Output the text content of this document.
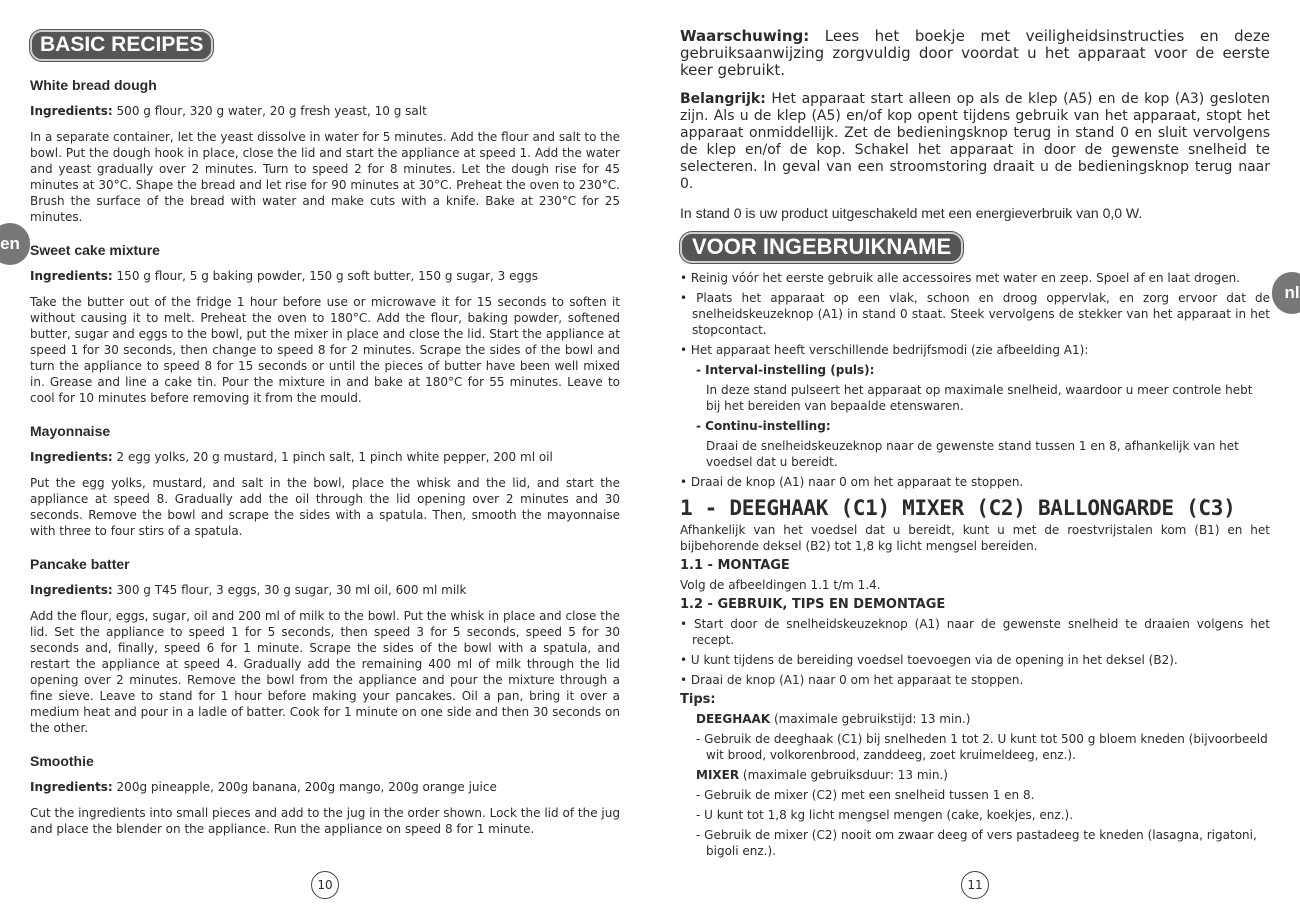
BASIC RECIPES

White bread dough

Ingredients: 500 g flour, 320 g water, 20 g fresh yeast, 10 g salt

In a separate container, let the yeast dissolve in water for 5 minutes. Add the flour and salt to the bowl. Put the dough hook in place, close the lid and start the appliance at speed 1. Add the water and yeast gradually over 2 minutes. Turn to speed 2 for 8 minutes. Let the dough rise for 45 minutes at 30°C. Shape the bread and let rise for 90 minutes at 30°C. Preheat the oven to 230°C. Brush the surface of the bread with water and make cuts with a knife. Bake at 230°C for 25 minutes.

Sweet cake mixture

Ingredients: 150 g flour, 5 g baking powder, 150 g soft butter, 150 g sugar, 3 eggs

Take the butter out of the fridge 1 hour before use or microwave it for 15 seconds to soften it without causing it to melt. Preheat the oven to 180°C. Add the flour, baking powder, softened butter, sugar and eggs to the bowl, put the mixer in place and close the lid. Start the appliance at speed 1 for 30 seconds, then change to speed 8 for 2 minutes. Scrape the sides of the bowl and turn the appliance to speed 8 for 15 seconds or until the pieces of butter have been well mixed in. Grease and line a cake tin. Pour the mixture in and bake at 180°C for 55 minutes. Leave to cool for 10 minutes before removing it from the mould.

Mayonnaise

Ingredients: 2 egg yolks, 20 g mustard, 1 pinch salt, 1 pinch white pepper, 200 ml oil

Put the egg yolks, mustard, and salt in the bowl, place the whisk and the lid, and start the appliance at speed 8. Gradually add the oil through the lid opening over 2 minutes and 30 seconds. Remove the bowl and scrape the sides with a spatula. Then, smooth the mayonnaise with three to four stirs of a spatula.

Pancake batter

Ingredients: 300 g T45 flour, 3 eggs, 30 g sugar, 30 ml oil, 600 ml milk

Add the flour, eggs, sugar, oil and 200 ml of milk to the bowl. Put the whisk in place and close the lid. Set the appliance to speed 1 for 5 seconds, then speed 3 for 5 seconds, speed 5 for 30 seconds and, finally, speed 6 for 1 minute. Scrape the sides of the bowl with a spatula, and restart the appliance at speed 4. Gradually add the remaining 400 ml of milk through the lid opening over 2 minutes. Remove the bowl from the appliance and pour the mixture through a fine sieve. Leave to stand for 1 hour before making your pancakes. Oil a pan, bring it over a medium heat and pour in a ladle of batter. Cook for 1 minute on one side and then 30 seconds on the other.

Smoothie

Ingredients: 200g pineapple, 200g banana, 200g mango, 200g orange juice

Cut the ingredients into small pieces and add to the jug in the order shown. Lock the lid of the jug and place the blender on the appliance. Run the appliance on speed 8 for 1 minute.

en
10

Waarschuwing: Lees het boekje met veiligheidsinstructies en deze gebruiksaanwijzing zorgvuldig door voordat u het apparaat voor de eerste keer gebruikt.

Belangrijk: Het apparaat start alleen op als de klep (A5) en de kop (A3) gesloten zijn. Als u de klep (A5) en/of kop opent tijdens gebruik van het apparaat, stopt het apparaat onmiddellijk. Zet de bedieningsknop terug in stand 0 en sluit vervolgens de klep en/of de kop. Schakel het apparaat in door de gewenste snelheid te selecteren. In geval van een stroomstoring draait u de bedieningsknop terug naar 0.

In stand 0 is uw product uitgeschakeld met een energieverbruik van 0,0 W.

VOOR INGEBRUIKNAME

• Reinig vóór het eerste gebruik alle accessoires met water en zeep. Spoel af en laat drogen.

• Plaats het apparaat op een vlak, schoon en droog oppervlak, en zorg ervoor dat de snelheidskeuzeknop (A1) in stand 0 staat. Steek vervolgens de stekker van het apparaat in het stopcontact.

• Het apparaat heeft verschillende bedrijfsmodi (zie afbeelding A1):

- Interval-instelling (puls):

In deze stand pulseert het apparaat op maximale snelheid, waardoor u meer controle hebt bij het bereiden van bepaalde etenswaren.

- Continu-instelling:

Draai de snelheidskeuzeknop naar de gewenste stand tussen 1 en 8, afhankelijk van het voedsel dat u bereidt.

• Draai de knop (A1) naar 0 om het apparaat te stoppen.

1 - DEEGHAAK (C1) MIXER (C2) BALLONGARDE (C3)

Afhankelijk van het voedsel dat u bereidt, kunt u met de roestvrijstalen kom (B1) en het bijbehorende deksel (B2) tot 1,8 kg licht mengsel bereiden.

1.1 - MONTAGE

Volg de afbeeldingen 1.1 t/m 1.4.

1.2 - GEBRUIK, TIPS EN DEMONTAGE

• Start door de snelheidskeuzeknop (A1) naar de gewenste snelheid te draaien volgens het recept.

• U kunt tijdens de bereiding voedsel toevoegen via de opening in het deksel (B2).

• Draai de knop (A1) naar 0 om het apparaat te stoppen.

Tips:

DEEGHAAK (maximale gebruikstijd: 13 min.)

- Gebruik de deeghaak (C1) bij snelheden 1 tot 2. U kunt tot 500 g bloem kneden (bijvoorbeeld wit brood, volkorenbrood, zanddeeg, zoet kruimeldeeg, enz.).

MIXER (maximale gebruiksduur: 13 min.)

- Gebruik de mixer (C2) met een snelheid tussen 1 en 8.

- U kunt tot 1,8 kg licht mengsel mengen (cake, koekjes, enz.).

- Gebruik de mixer (C2) nooit om zwaar deeg of vers pastadeeg te kneden (lasagna, rigatoni, bigoli enz.).

nl
11
